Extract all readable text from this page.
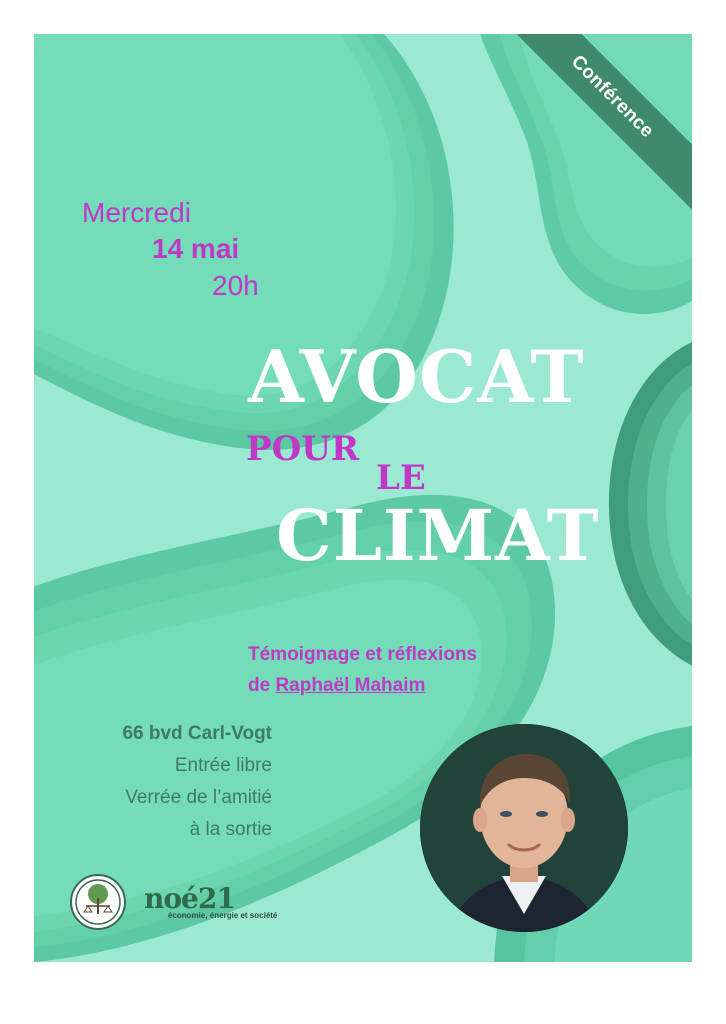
Conférence
Mercredi
14 mai
20h
AVOCAT
POUR
LE
CLIMAT
Témoignage et réflexions
de Raphaël Mahaim
66 bvd Carl-Vogt
Entrée libre
Verrée de l’amitié
à la sortie
noé21
économie, énergie et société
